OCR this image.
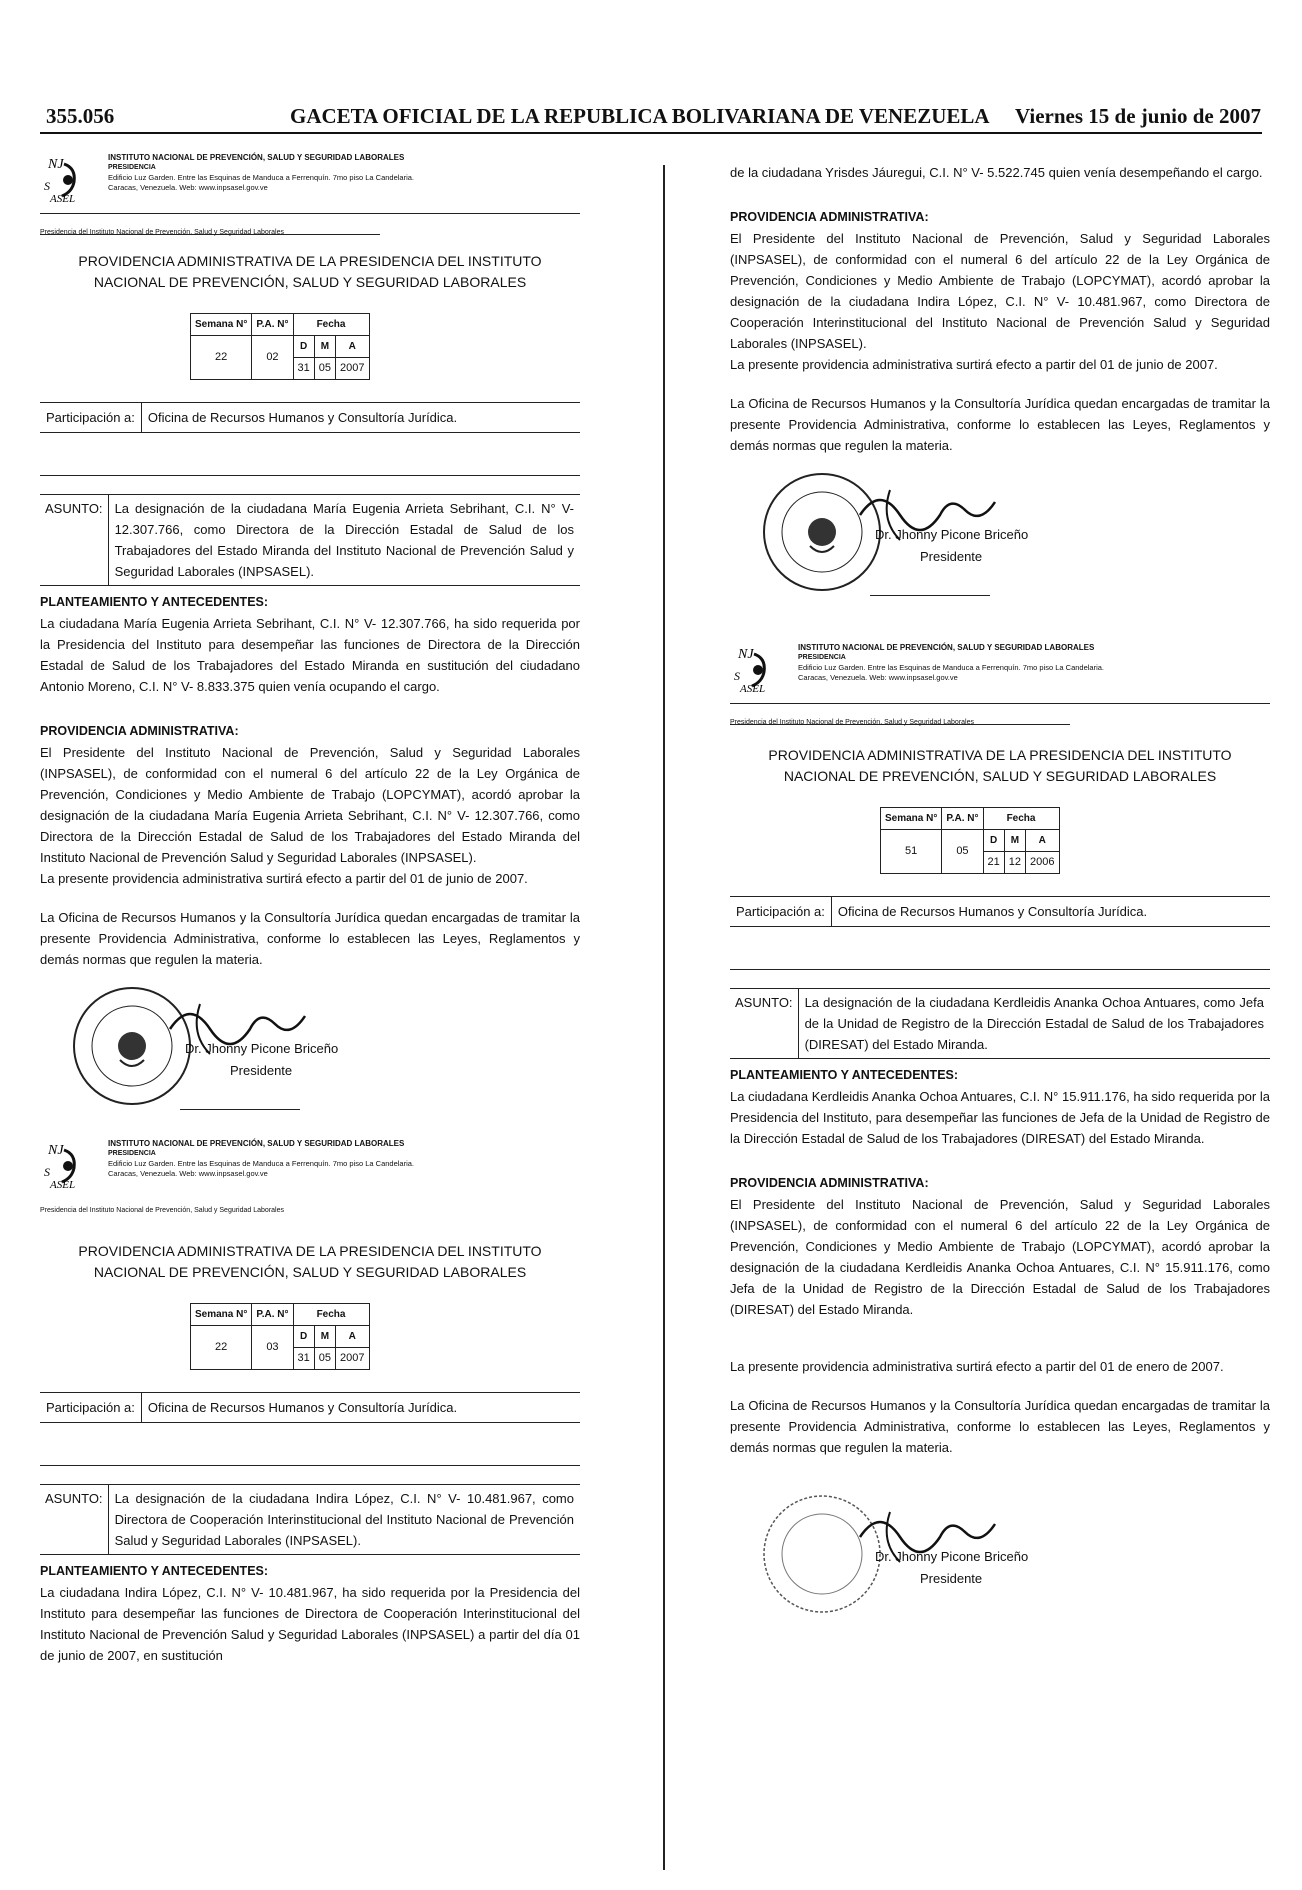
355.056	GACETA OFICIAL DE LA REPUBLICA BOLIVARIANA DE VENEZUELA Viernes 15 de junio de 2007
NJ
S
ASEL
INSTITUTO NACIONAL DE PREVENCIÓN, SALUD Y SEGURIDAD LABORALES
PRESIDENCIA
Edificio Luz Garden. Entre las Esquinas de Manduca a Ferrenquín. 7mo piso La Candelaria.
Caracas, Venezuela. Web: www.inpsasel.gov.ve
Presidencia del Instituto Nacional de Prevención, Salud y Seguridad Laborales
PROVIDENCIA ADMINISTRATIVA DE LA PRESIDENCIA DEL INSTITUTO NACIONAL DE PREVENCIÓN, SALUD Y SEGURIDAD LABORALES
Semana N°	P.A. N°	Fecha		
22	02	D	M	A
		31	05	2007
Participación a:	Oficina de Recursos Humanos y Consultoría Jurídica.
ASUNTO: La designación de la ciudadana María Eugenia Arrieta Sebrihant, C.I. N° V- 12.307.766, como Directora de la Dirección Estadal de Salud de los Trabajadores del Estado Miranda del Instituto Nacional de Prevención Salud y Seguridad Laborales (INPSASEL).
PLANTEAMIENTO Y ANTECEDENTES:

La ciudadana María Eugenia Arrieta Sebrihant, C.I. N° V- 12.307.766, ha sido requerida por la Presidencia del Instituto para desempeñar las funciones de Directora de la Dirección Estadal de Salud de los Trabajadores del Estado Miranda en sustitución del ciudadano Antonio Moreno, C.I. N° V- 8.833.375 quien venía ocupando el cargo.

PROVIDENCIA ADMINISTRATIVA:

El Presidente del Instituto Nacional de Prevención, Salud y Seguridad Laborales (INPSASEL), de conformidad con el numeral 6 del artículo 22 de la Ley Orgánica de Prevención, Condiciones y Medio Ambiente de Trabajo (LOPCYMAT), acordó aprobar la designación de la ciudadana María Eugenia Arrieta Sebrihant, C.I. N° V- 12.307.766, como Directora de la Dirección Estadal de Salud de los Trabajadores del Estado Miranda del Instituto Nacional de Prevención Salud y Seguridad Laborales (INPSASEL).

La presente providencia administrativa surtirá efecto a partir del 01 de junio de 2007.

La Oficina de Recursos Humanos y la Consultoría Jurídica quedan encargadas de tramitar la presente Providencia Administrativa, conforme lo establecen las Leyes, Reglamentos y demás normas que regulen la materia.

Dr. Jhonny Picone Briceño
Presidente
NJ
S
ASEL
INSTITUTO NACIONAL DE PREVENCIÓN, SALUD Y SEGURIDAD LABORALES
PRESIDENCIA
Edificio Luz Garden. Entre las Esquinas de Manduca a Ferrenquín. 7mo piso La Candelaria.
Caracas, Venezuela. Web: www.inpsasel.gov.ve
Presidencia del Instituto Nacional de Prevención, Salud y Seguridad Laborales
PROVIDENCIA ADMINISTRATIVA DE LA PRESIDENCIA DEL INSTITUTO NACIONAL DE PREVENCIÓN, SALUD Y SEGURIDAD LABORALES
Semana N°	P.A. N°	Fecha		
22	03	D	M	A
		31	05	2007
Participación a:	Oficina de Recursos Humanos y Consultoría Jurídica.
ASUNTO: La designación de la ciudadana Indira López, C.I. N° V- 10.481.967, como Directora de Cooperación Interinstitucional del Instituto Nacional de Prevención Salud y Seguridad Laborales (INPSASEL).
PLANTEAMIENTO Y ANTECEDENTES:

La ciudadana Indira López, C.I. N° V- 10.481.967, ha sido requerida por la Presidencia del Instituto para desempeñar las funciones de Directora de Cooperación Interinstitucional del Instituto Nacional de Prevención Salud y Seguridad Laborales (INPSASEL) a partir del día 01 de junio de 2007, en sustitución

de la ciudadana Yrisdes Jáuregui, C.I. N° V- 5.522.745 quien venía desempeñando el cargo.

PROVIDENCIA ADMINISTRATIVA:

El Presidente del Instituto Nacional de Prevención, Salud y Seguridad Laborales (INPSASEL), de conformidad con el numeral 6 del artículo 22 de la Ley Orgánica de Prevención, Condiciones y Medio Ambiente de Trabajo (LOPCYMAT), acordó aprobar la designación de la ciudadana Indira López, C.I. N° V- 10.481.967, como Directora de Cooperación Interinstitucional del Instituto Nacional de Prevención Salud y Seguridad Laborales (INPSASEL).

La presente providencia administrativa surtirá efecto a partir del 01 de junio de 2007.

La Oficina de Recursos Humanos y la Consultoría Jurídica quedan encargadas de tramitar la presente Providencia Administrativa, conforme lo establecen las Leyes, Reglamentos y demás normas que regulen la materia.

Dr. Jhonny Picone Briceño
Presidente
NJ
S
ASEL
INSTITUTO NACIONAL DE PREVENCIÓN, SALUD Y SEGURIDAD LABORALES
PRESIDENCIA
Edificio Luz Garden. Entre las Esquinas de Manduca a Ferrenquín. 7mo piso La Candelaria.
Caracas, Venezuela. Web: www.inpsasel.gov.ve
Presidencia del Instituto Nacional de Prevención, Salud y Seguridad Laborales
PROVIDENCIA ADMINISTRATIVA DE LA PRESIDENCIA DEL INSTITUTO NACIONAL DE PREVENCIÓN, SALUD Y SEGURIDAD LABORALES
Semana N°	P.A. N°	Fecha		
51	05	D	M	A
		21	12	2006
Participación a:	Oficina de Recursos Humanos y Consultoría Jurídica.
ASUNTO: La designación de la ciudadana Kerdleidis Ananka Ochoa Antuares, como Jefa de la Unidad de Registro de la Dirección Estadal de Salud de los Trabajadores (DIRESAT) del Estado Miranda.
PLANTEAMIENTO Y ANTECEDENTES:

La ciudadana Kerdleidis Ananka Ochoa Antuares, C.I. N° 15.911.176, ha sido requerida por la Presidencia del Instituto, para desempeñar las funciones de Jefa de la Unidad de Registro de la Dirección Estadal de Salud de los Trabajadores (DIRESAT) del Estado Miranda.

PROVIDENCIA ADMINISTRATIVA:

El Presidente del Instituto Nacional de Prevención, Salud y Seguridad Laborales (INPSASEL), de conformidad con el numeral 6 del artículo 22 de la Ley Orgánica de Prevención, Condiciones y Medio Ambiente de Trabajo (LOPCYMAT), acordó aprobar la designación de la ciudadana Kerdleidis Ananka Ochoa Antuares, C.I. N° 15.911.176, como Jefa de la Unidad de Registro de la Dirección Estadal de Salud de los Trabajadores (DIRESAT) del Estado Miranda.

La presente providencia administrativa surtirá efecto a partir del 01 de enero de 2007.

La Oficina de Recursos Humanos y la Consultoría Jurídica quedan encargadas de tramitar la presente Providencia Administrativa, conforme lo establecen las Leyes, Reglamentos y demás normas que regulen la materia.

Dr. Jhonny Picone Briceño
Presidente
